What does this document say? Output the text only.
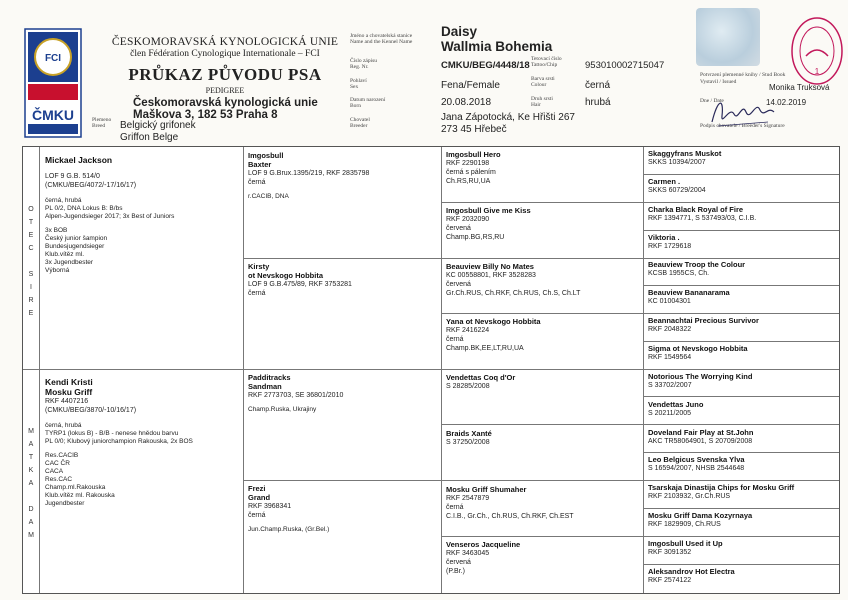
FCI
ČMKU
ČESKOMORAVSKÁ KYNOLOGICKÁ UNIE
člen Fédération Cynologique Internationale – FCI
PRŮKAZ PŮVODU PSA
PEDIGREE
Českomoravská kynologická unie
Maškova 3, 182 53 Praha 8
Plemeno
Breed	Belgický grifonek
Griffon Belge
Jméno a chovatelská stanice
Name and the Kennel Name
Číslo zápisu
Reg. Nr.
Pohlaví
Sex
Datum narození
Born
Chovatel
Breeder
Tetovací číslo
Tattoo/Chip
Barva srsti
Colour
Druh srsti
Hair
Daisy
Wallmia Bohemia
CMKU/BEG/4448/18	953010002715047
Fena/Female	černá
20.08.2018	hrubá
Jana Zápotocká, Ke Hřišti 267
273 45 Hřebeč
1
Potvrzení plemenné knihy / Stud Book
Vystavil / Issued
Dne / Date
Podpis chovatele / Breeder's Signature
Monika Truksová
14.02.2019
O
T
E
C

S
I
R
E
M
A
T
K
A

D
A
M
Mickael Jackson
LOF 9 G.B. 514/0
(CMKU/BEG/4072/-17/16/17)
černá, hrubá
PL 0/2, DNA Lokus B: B/bs
Alpen-Jugendsieger 2017; 3x Best of Juniors
3x BOB
Český junior šampion
Bundesjugendsieger
Klub.vítěz ml.
3x Jugendbester
Výborná
Kendi Kristi
Mosku Griff
RKF 4407216
(CMKU/BEG/3870/-10/16/17)
černá, hrubá
TYRP1 (lokus B) - B/B - nenese hnědou barvu
PL 0/0; Klubový juniorchampion Rakouska, 2x BOS
Res.CACIB
CAC ČR
CACA
Res.CAC
Champ.ml.Rakouska
Klub.vítěz ml. Rakouska
Jugendbester
Imgosbull
Baxter
LOF 9 G.Brux.1395/219, RKF 2835798
černá
r.CACIB, DNA
Kirsty
ot Nevskogo Hobbita
LOF 9 G.B.475/89, RKF 3753281
černá
Padditracks
Sandman
RKF 2773703, SE 36801/2010
Champ.Ruska, Ukrajiny
Frezi
Grand
RKF 3968341
černá
Jun.Champ.Ruska, (Gr.Bel.)
Imgosbull Hero
RKF 2290198
černá s pálením
Ch.RS,RU,UA
Imgosbull Give me Kiss
RKF 2032090
červená
Champ.BG,RS,RU
Beauview Billy No Mates
KC 00558801, RKF 3528283
červená
Gr.Ch.RUS, Ch.RKF, Ch.RUS, Ch.S, Ch.LT
Yana ot Nevskogo Hobbita
RKF 2416224
černá
Champ.BK,EE,LT,RU,UA
Vendettas Coq d'Or
S 28285/2008
Braids Xanté
S 37250/2008
Mosku Griff Shumaher
RKF 2547879
černá
C.I.B., Gr.Ch., Ch.RUS, Ch.RKF, Ch.EST
Venseros Jacqueline
RKF 3463045
červená
(P.Br.)
Skaggyfrans Muskot
SKKS 10394/2007
Carmen .
SKKS 60729/2004
Charka Black Royal of Fire
RKF 1394771, S 537493/03, C.I.B.
Viktoria .
RKF 1729618
Beauview Troop the Colour
KCSB 1955CS, Ch.
Beauview Bananarama
KC 01004301
Beannachtai Precious Survivor
RKF 2048322
Sigma ot Nevskogo Hobbita
RKF 1549564
Notorious The Worrying Kind
S 33702/2007
Vendettas Juno
S 20211/2005
Doveland Fair Play at St.John
AKC TR58064901, S 20709/2008
Leo Belgicus Svenska Ylva
S 16594/2007, NHSB 2544648
Tsarskaja Dinastija Chips for Mosku Griff
RKF 2103932, Gr.Ch.RUS
Mosku Griff Dama Kozyrnaya
RKF 1829909, Ch.RUS
Imgosbull Used it Up
RKF 3091352
Aleksandrov Hot Electra
RKF 2574122
